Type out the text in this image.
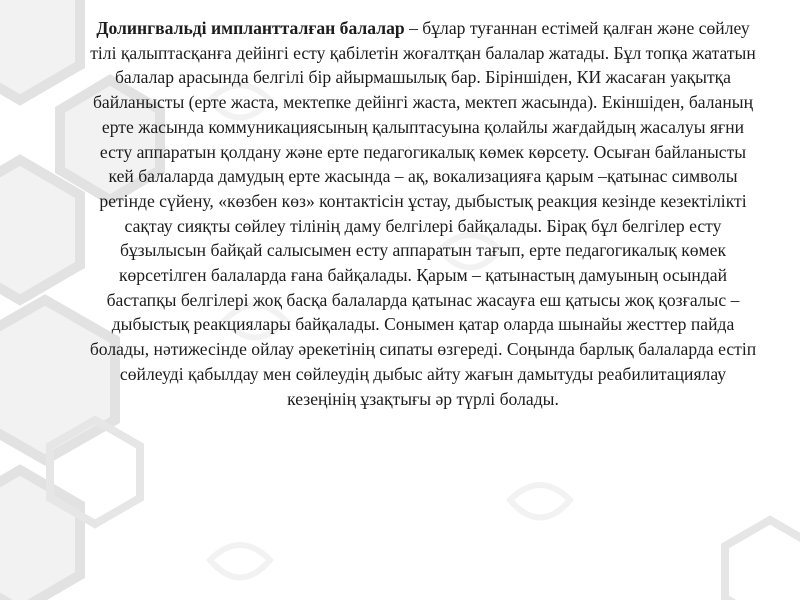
Долингвальді имплантталған балалар – бұлар туғаннан естімей қалған және сөйлеу тілі қалыптасқанға дейінгі есту қабілетін жоғалтқан балалар жатады. Бұл топқа жататын балалар арасында белгілі бір айырмашылық бар. Біріншіден, КИ жасаған уақытқа байланысты (ерте жаста, мектепке дейінгі жаста, мектеп жасында). Екіншіден, баланың ерте жасында коммуникациясының қалыптасуына қолайлы жағдайдың жасалуы яғни есту аппаратын қолдану және ерте педагогикалық көмек көрсету. Осыған байланысты кей балаларда дамудың ерте жасында – ақ, вокализацияға қарым –қатынас символы ретінде сүйену, «көзбен көз» контактісін ұстау, дыбыстық реакция кезінде кезектілікті сақтау сияқты сөйлеу тілінің даму белгілері байқалады. Бірақ бұл белгілер есту бұзылысын байқай салысымен есту аппаратын тағып, ерте педагогикалық көмек көрсетілген балаларда ғана байқалады. Қарым – қатынастың дамуының осындай бастапқы белгілері жоқ басқа балаларда қатынас жасауға еш қатысы жоқ қозғалыс – дыбыстық реакциялары байқалады. Сонымен қатар оларда шынайы жесттер пайда болады, нәтижесінде ойлау әрекетінің сипаты өзгереді. Соңында барлық балаларда естіп сөйлеуді қабылдау мен сөйлеудің дыбыс айту жағын дамытуды реабилитациялау кезеңінің ұзақтығы әр түрлі болады.
